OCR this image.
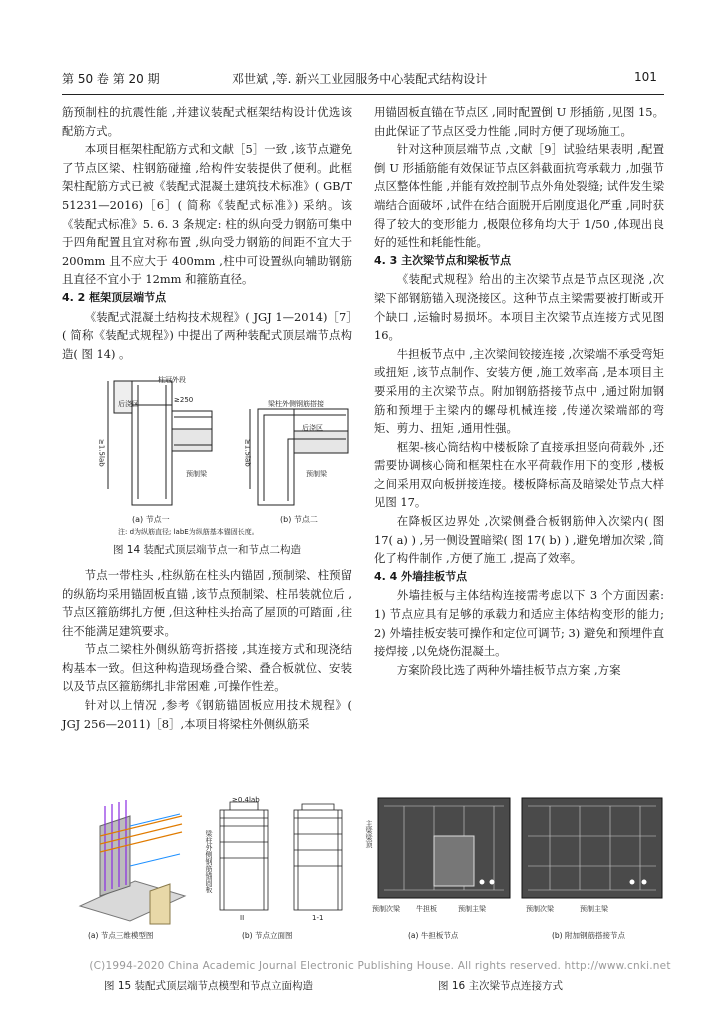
第 50 卷 第 20 期	邓世斌 ,等. 新兴工业园服务中心装配式结构设计	101

筋预制柱的抗震性能 ,并建议装配式框架结构设计优选该配筋方式。

本项目框架柱配筋方式和文献［5］一致 ,该节点避免了节点区梁、柱钢筋碰撞 ,给构件安装提供了便利。此框架柱配筋方式已被《装配式混凝土建筑技术标准》( GB/T 51231—2016)［6］( 简称《装配式标准》) 采纳。该《装配式标准》5. 6. 3 条规定: 柱的纵向受力钢筋可集中于四角配置且宜对称布置 ,纵向受力钢筋的间距不宜大于 200mm 且不应大于 400mm ,柱中可设置纵向辅助钢筋且直径不宜小于 12mm 和箍筋直径。

4. 2 框架顶层端节点

《装配式混凝土结构技术规程》( JGJ 1—2014)［7］( 简称《装配式规程》) 中提出了两种装配式顶层端节点构造( 图 14) 。

柱冠外段
后浇区	≥250
≥1.5lab
预制梁
梁柱外侧钢筋搭接
后浇区
≥1.5lab
预制梁
(a) 节点一	(b) 节点二
注: d为纵筋直径; labE为纵筋基本锚固长度。
图 14 装配式顶层端节点一和节点二构造

节点一带柱头 ,柱纵筋在柱头内锚固 ,预制梁、柱预留的纵筋均采用锚固板直锚 ,该节点预制梁、柱吊装就位后 ,节点区箍筋绑扎方便 ,但这种柱头抬高了屋顶的可踏面 ,往往不能满足建筑要求。

节点二梁柱外侧纵筋弯折搭接 ,其连接方式和现浇结构基本一致。但这种构造现场叠合梁、叠合板就位、安装以及节点区箍筋绑扎非常困难 ,可操作性差。

针对以上情况 ,参考《钢筋锚固板应用技术规程》( JGJ 256—2011)［8］,本项目将梁柱外侧纵筋采

用锚固板直锚在节点区 ,同时配置倒 U 形插筋 ,见图 15。由此保证了节点区受力性能 ,同时方便了现场施工。

针对这种顶层端节点 ,文献［9］试验结果表明 ,配置倒 U 形插筋能有效保证节点区斜截面抗弯承载力 ,加强节点区整体性能 ,并能有效控制节点外角处裂缝; 试件发生梁端结合面破坏 ,试件在结合面脱开后刚度退化严重 ,同时获得了较大的变形能力 ,极限位移角均大于 1/50 ,体现出良好的延性和耗能性能。

4. 3 主次梁节点和梁板节点

《装配式规程》给出的主次梁节点是节点区现浇 ,次梁下部钢筋锚入现浇接区。这种节点主梁需要被打断或开个缺口 ,运输时易损坏。本项目主次梁节点连接方式见图 16。

牛担板节点中 ,主次梁间铰接连接 ,次梁端不承受弯矩或扭矩 ,该节点制作、安装方便 ,施工效率高 ,是本项目主要采用的主次梁节点。附加钢筋搭接节点中 ,通过附加钢筋和预埋于主梁内的螺母机械连接 ,传递次梁端部的弯矩、剪力、扭矩 ,通用性强。

框架-核心筒结构中楼板除了直接承担竖向荷载外 ,还需要协调核心筒和框架柱在水平荷载作用下的变形 ,楼板之间采用双向板拼接连接。楼板降标高及暗梁处节点大样见图 17。

在降板区边界处 ,次梁侧叠合板钢筋伸入次梁内( 图 17( a) ) ,另一侧设置暗梁( 图 17( b) ) ,避免增加次梁 ,简化了构件制作 ,方便了施工 ,提高了效率。

4. 4 外墙挂板节点

外墙挂板与主体结构连接需考虑以下 3 个方面因素: 1) 节点应具有足够的承载力和适应主体结构变形的能力; 2) 外墙挂板安装可操作和定位可调节; 3) 避免和预埋件直接焊接 ,以免烧伤混凝土。

方案阶段比选了两种外墙挂板节点方案 ,方案

(a) 节点三维模型图
梁柱外侧钢筋锚固板
≥0.4lab
II	1-1
(b) 节点立面图
主梁梁顶
预制次梁 牛担板	预制主梁
(a) 牛担板节点
预制次梁	预制主梁
(b) 附加钢筋搭接节点
(C)1994-2020 China Academic Journal Electronic Publishing House. All rights reserved. http://www.cnki.net
图 15 装配式顶层端节点模型和节点立面构造	图 16 主次梁节点连接方式
